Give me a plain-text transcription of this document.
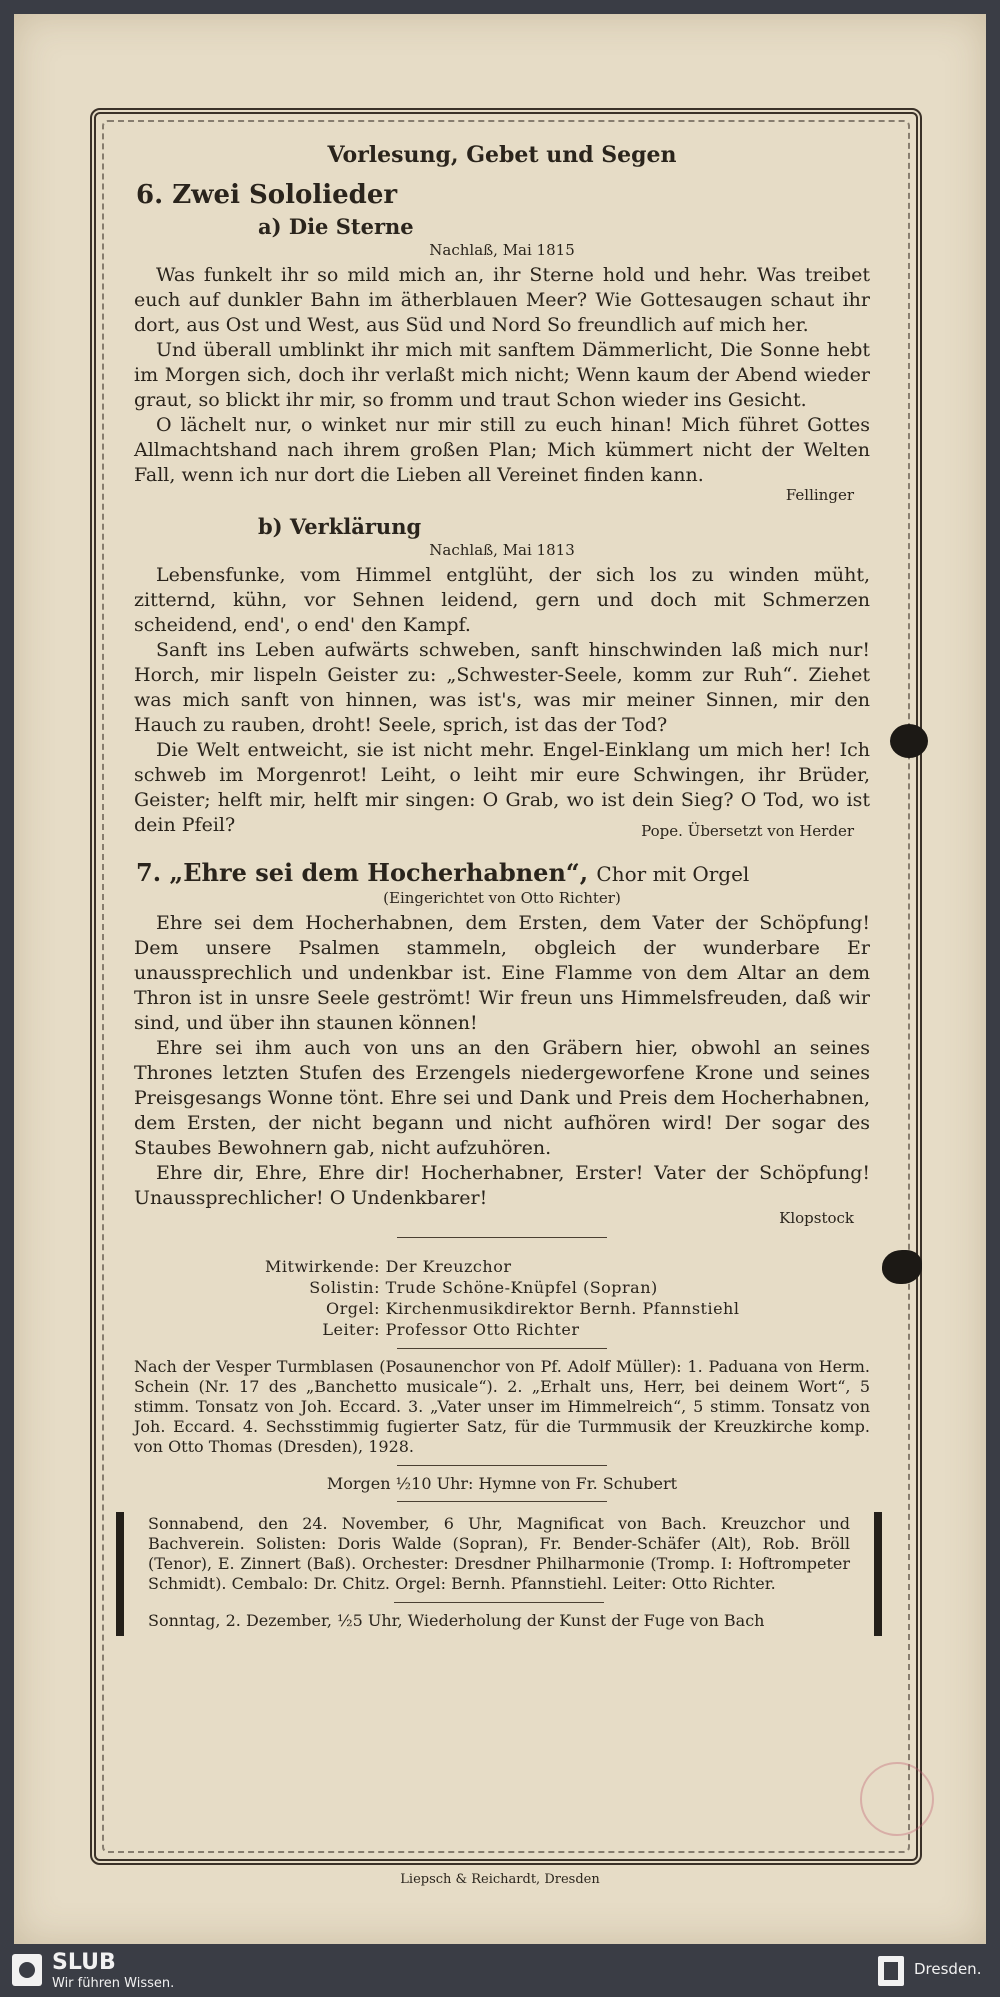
Vorlesung, Gebet und Segen
6. Zwei Sololieder
a) Die Sterne
Nachlaß, Mai 1815

Was funkelt ihr so mild mich an, ihr Sterne hold und hehr. Was treibet euch auf dunkler Bahn im ätherblauen Meer? Wie Gottesaugen schaut ihr dort, aus Ost und West, aus Süd und Nord So freundlich auf mich her.

Und überall umblinkt ihr mich mit sanftem Dämmerlicht, Die Sonne hebt im Morgen sich, doch ihr verlaßt mich nicht; Wenn kaum der Abend wieder graut, so blickt ihr mir, so fromm und traut Schon wieder ins Gesicht.

O lächelt nur, o winket nur mir still zu euch hinan! Mich führet Gottes Allmachtshand nach ihrem großen Plan; Mich kümmert nicht der Welten Fall, wenn ich nur dort die Lieben all Vereinet finden kann.

Fellinger
b) Verklärung
Nachlaß, Mai 1813

Lebensfunke, vom Himmel entglüht, der sich los zu winden müht, zitternd, kühn, vor Sehnen leidend, gern und doch mit Schmerzen scheidend, end', o end' den Kampf.

Sanft ins Leben aufwärts schweben, sanft hinschwinden laß mich nur! Horch, mir lispeln Geister zu: „Schwester-Seele, komm zur Ruh“. Ziehet was mich sanft von hinnen, was ist's, was mir meiner Sinnen, mir den Hauch zu rauben, droht! Seele, sprich, ist das der Tod?

Die Welt entweicht, sie ist nicht mehr. Engel-Einklang um mich her! Ich schweb im Morgenrot! Leiht, o leiht mir eure Schwingen, ihr Brüder, Geister; helft mir, helft mir singen: O Grab, wo ist dein Sieg? O Tod, wo ist dein Pfeil?	Pope. Übersetzt von Herder

7. „Ehre sei dem Hocherhabnen“, Chor mit Orgel
(Eingerichtet von Otto Richter)

Ehre sei dem Hocherhabnen, dem Ersten, dem Vater der Schöpfung! Dem unsere Psalmen stammeln, obgleich der wunderbare Er unaussprechlich und undenkbar ist. Eine Flamme von dem Altar an dem Thron ist in unsre Seele geströmt! Wir freun uns Himmelsfreuden, daß wir sind, und über ihn staunen können!

Ehre sei ihm auch von uns an den Gräbern hier, obwohl an seines Thrones letzten Stufen des Erzengels niedergeworfene Krone und seines Preisgesangs Wonne tönt. Ehre sei und Dank und Preis dem Hocherhabnen, dem Ersten, der nicht begann und nicht aufhören wird! Der sogar des Staubes Bewohnern gab, nicht aufzuhören.

Ehre dir, Ehre, Ehre dir! Hocherhabner, Erster! Vater der Schöpfung! Unaussprechlicher! O Undenkbarer!

Klopstock
Mitwirkende: Der Kreuzchor
Solistin: Trude Schöne-Knüpfel (Sopran)
Orgel: Kirchenmusikdirektor Bernh. Pfannstiehl
Leiter: Professor Otto Richter
Nach der Vesper Turmblasen (Posaunenchor von Pf. Adolf Müller): 1. Paduana von Herm. Schein (Nr. 17 des „Banchetto musicale“). 2. „Erhalt uns, Herr, bei deinem Wort“, 5 stimm. Tonsatz von Joh. Eccard. 3. „Vater unser im Himmelreich“, 5 stimm. Tonsatz von Joh. Eccard. 4. Sechsstimmig fugierter Satz, für die Turmmusik der Kreuzkirche komp. von Otto Thomas (Dresden), 1928.
Morgen ½10 Uhr: Hymne von Fr. Schubert
Sonnabend, den 24. November, 6 Uhr, Magnificat von Bach. Kreuzchor und Bachverein. Solisten: Doris Walde (Sopran), Fr. Bender-Schäfer (Alt), Rob. Bröll (Tenor), E. Zinnert (Baß). Orchester: Dresdner Philharmonie (Tromp. I: Hoftrompeter Schmidt). Cembalo: Dr. Chitz. Orgel: Bernh. Pfannstiehl. Leiter: Otto Richter.
Sonntag, 2. Dezember, ½5 Uhr, Wiederholung der Kunst der Fuge von Bach
Liepsch & Reichardt, Dresden
SLUB
Wir führen Wissen.
Dresden.
